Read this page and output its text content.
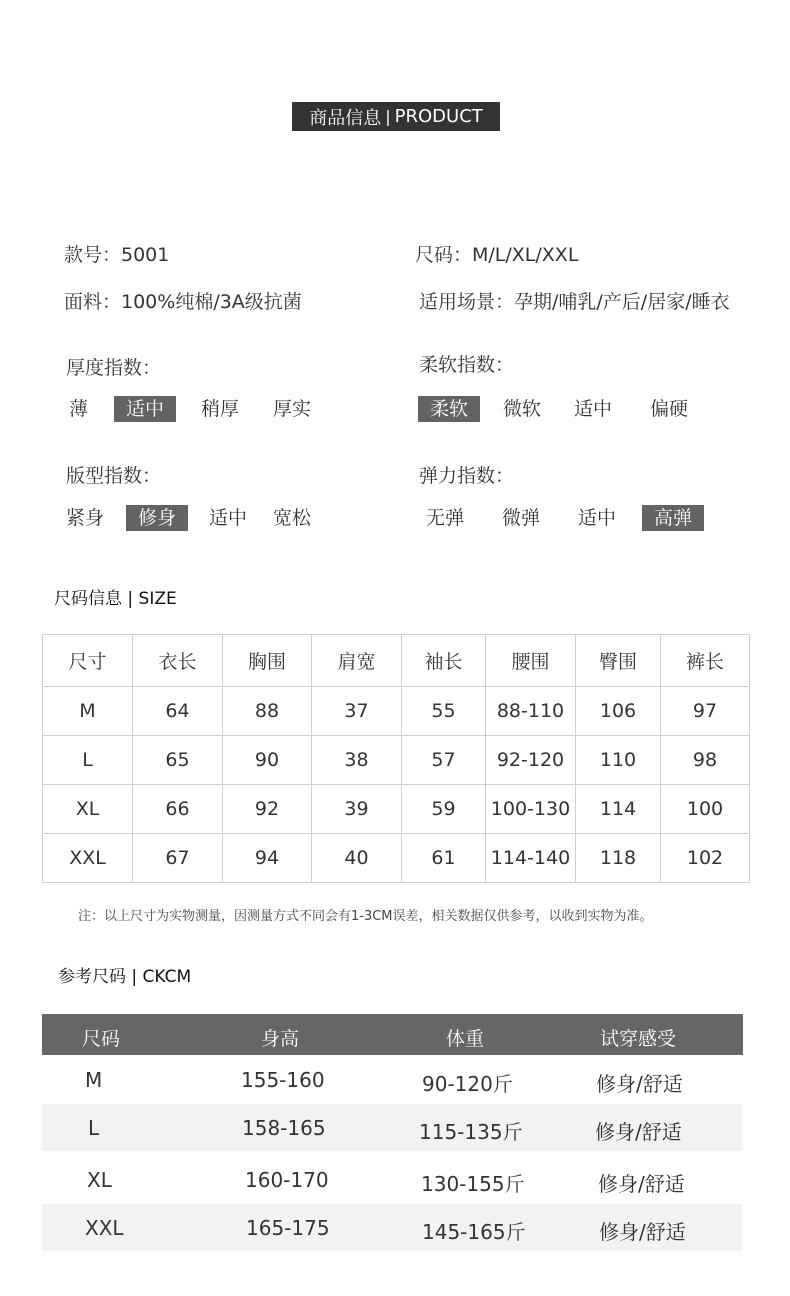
商品信息 | PRODUCT
款号：5001	尺码：M/L/XL/XXL
面料：100%纯棉/3A级抗菌	适用场景：孕期/哺乳/产后/居家/睡衣
厚度指数：
薄	适中	稍厚 厚实
柔软指数：
柔软	微软 适中 偏硬
版型指数：
紧身	修身	适中 宽松
弹力指数：
无弹 微弹 适中	高弹
尺码信息 | SIZE
尺寸	衣长	胸围	肩宽	袖长	腰围	臀围	裤长
M	64	88	37	55	88-110	106	97
L	65	90	38	57	92-120	110	98
XL	66	92	39	59	100-130	114	100
XXL	67	94	40	61	114-140	118	102
注：以上尺寸为实物测量，因测量方式不同会有1-3CM误差，相关数据仅供参考，以收到实物为准。
参考尺码 | CKCM
尺码	身高	体重	试穿感受
M	155-160	90-120斤	修身/舒适
L	158-165	115-135斤	修身/舒适
XL	160-170	130-155斤	修身/舒适
XXL	165-175	145-165斤	修身/舒适
